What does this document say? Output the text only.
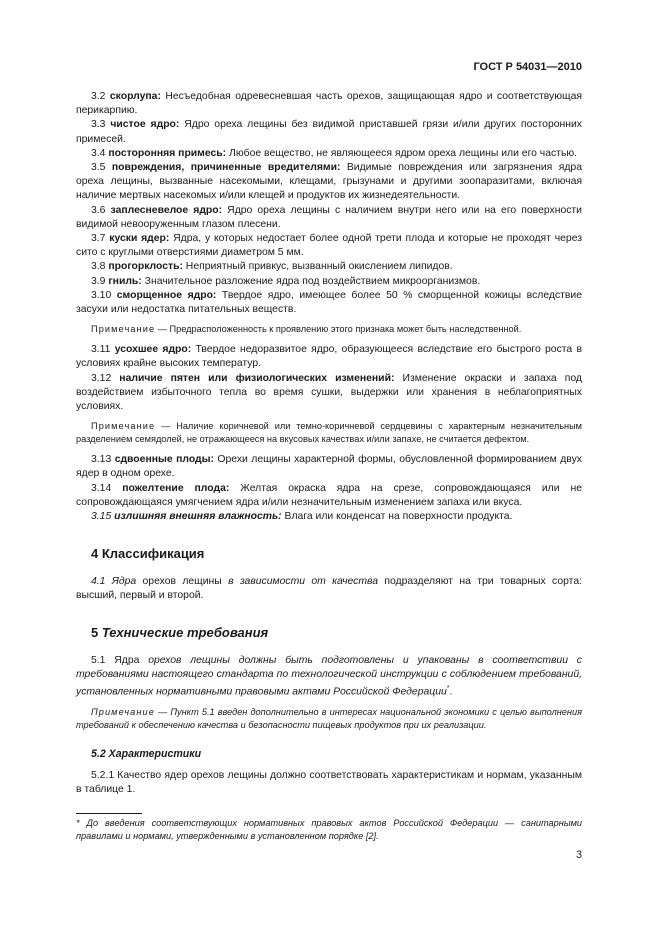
ГОСТ Р 54031—2010

3.2 скорлупа: Несъедобная одревесневшая часть орехов, защищающая ядро и соответствующая перикарпию.

3.3 чистое ядро: Ядро ореха лещины без видимой приставшей грязи и/или других посторонних примесей.

3.4 посторонняя примесь: Любое вещество, не являющееся ядром ореха лещины или его частью.

3.5 повреждения, причиненные вредителями: Видимые повреждения или загрязнения ядра ореха лещины, вызванные насекомыми, клещами, грызунами и другими зоопаразитами, включая наличие мертвых насекомых и/или клещей и продуктов их жизнедеятельности.

3.6 заплесневелое ядро: Ядро ореха лещины с наличием внутри него или на его поверхности видимой невооруженным глазом плесени.

3.7 куски ядер: Ядра, у которых недостает более одной трети плода и которые не проходят через сито с круглыми отверстиями диаметром 5 мм.

3.8 прогорклость: Неприятный привкус, вызванный окислением липидов.

3.9 гниль: Значительное разложение ядра под воздействием микроорганизмов.

3.10 сморщенное ядро: Твердое ядро, имеющее более 50 % сморщенной кожицы вследствие засухи или недостатка питательных веществ.

Примечание — Предрасположенность к проявлению этого признака может быть наследственной.

3.11 усохшее ядро: Твердое недоразвитое ядро, образующееся вследствие его быстрого роста в условиях крайне высоких температур.

3.12 наличие пятен или физиологических изменений: Изменение окраски и запаха под воздействием избыточного тепла во время сушки, выдержки или хранения в неблагоприятных условиях.

Примечание — Наличие коричневой или темно-коричневой сердцевины с характерным незначительным разделением семядолей, не отражающееся на вкусовых качествах и/или запахе, не считается дефектом.

3.13 сдвоенные плоды: Орехи лещины характерной формы, обусловленной формированием двух ядер в одном орехе.

3.14 пожелтение плода: Желтая окраска ядра на срезе, сопровождающаяся или не сопровождающаяся умягчением ядра и/или незначительным изменением запаха или вкуса.

3.15 излишняя внешняя влажность: Влага или конденсат на поверхности продукта.

4 Классификация

4.1 Ядра орехов лещины в зависимости от качества подразделяют на три товарных сорта: высший, первый и второй.

5 Технические требования

5.1 Ядра орехов лещины должны быть подготовлены и упакованы в соответствии с требованиями настоящего стандарта по технологической инструкции с соблюдением требований, установленных нормативными правовыми актами Российской Федерации*.

Примечание — Пункт 5.1 введен дополнительно в интересах национальной экономики с целью выполнения требований к обеспечению качества и безопасности пищевых продуктов при их реализации.

5.2 Характеристики

5.2.1 Качество ядер орехов лещины должно соответствовать характеристикам и нормам, указанным в таблице 1.

* До введения соответствующих нормативных правовых актов Российской Федерации — санитарными правилами и нормами, утвержденными в установленном порядке [2].
3
